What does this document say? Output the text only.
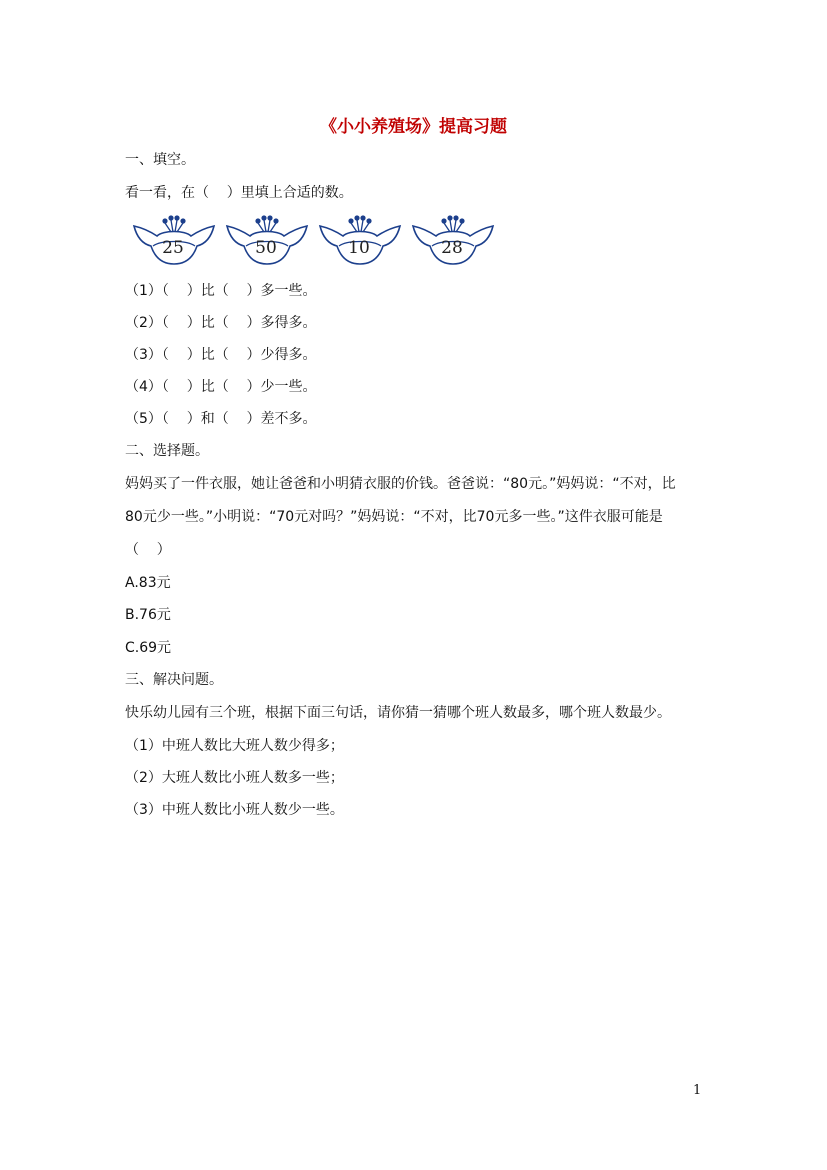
《小小养殖场》提高习题
一、填空。
看一看，在（    ）里填上合适的数。
25	50	10	28
（1）（    ）比（    ）多一些。
（2）（    ）比（    ）多得多。
（3）（    ）比（    ）少得多。
（4）（    ）比（    ）少一些。
（5）（    ）和（    ）差不多。
二、选择题。
妈妈买了一件衣服，她让爸爸和小明猜衣服的价钱。爸爸说：“80元。”妈妈说：“不对，比
80元少一些。”小明说：“70元对吗？”妈妈说：“不对，比70元多一些。”这件衣服可能是
（    ）
A.83元
B.76元
C.69元
三、解决问题。
快乐幼儿园有三个班，根据下面三句话，请你猜一猜哪个班人数最多，哪个班人数最少。
（1）中班人数比大班人数少得多；
（2）大班人数比小班人数多一些；
（3）中班人数比小班人数少一些。
1
